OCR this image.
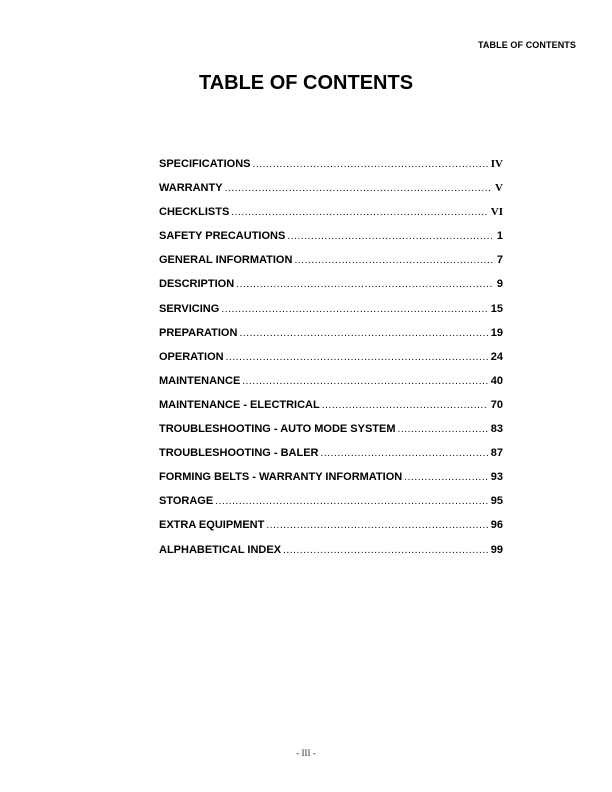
TABLE OF CONTENTS
TABLE OF CONTENTS
SPECIFICATIONS .....	IV
WARRANTY .....	V
CHECKLISTS .....	VI
SAFETY PRECAUTIONS .....	1
GENERAL INFORMATION .....	7
DESCRIPTION .....	9
SERVICING .....	15
PREPARATION .....	19
OPERATION .....	24
MAINTENANCE .....	40
MAINTENANCE - ELECTRICAL .....	70
TROUBLESHOOTING - AUTO MODE SYSTEM .....	83
TROUBLESHOOTING - BALER .....	87
FORMING BELTS - WARRANTY INFORMATION .....	93
STORAGE .....	95
EXTRA EQUIPMENT .....	96
ALPHABETICAL INDEX .....	99
- III -
